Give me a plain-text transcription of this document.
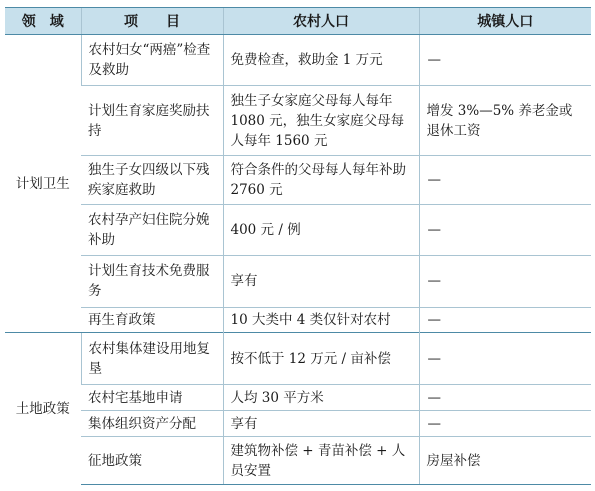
领　域	项　　目	农村人口	城镇人口
计划卫生	农村妇女“两癌”检查及救助	免费检查，救助金 1 万元	—
	计划生育家庭奖励扶持	独生子女家庭父母每人每年 1080 元，独生女家庭父母每人每年 1560 元	增发 3%—5% 养老金或退休工资
	独生子女四级以下残疾家庭救助	符合条件的父母每人每年补助 2760 元	—
	农村孕产妇住院分娩补助	400 元 / 例	—
	计划生育技术免费服务	享有	—
	再生育政策	10 大类中 4 类仅针对农村	—
土地政策	农村集体建设用地复垦	按不低于 12 万元 / 亩补偿	—
	农村宅基地申请	人均 30 平方米	—
	集体组织资产分配	享有	—
	征地政策	建筑物补偿 + 青苗补偿 + 人员安置	房屋补偿
